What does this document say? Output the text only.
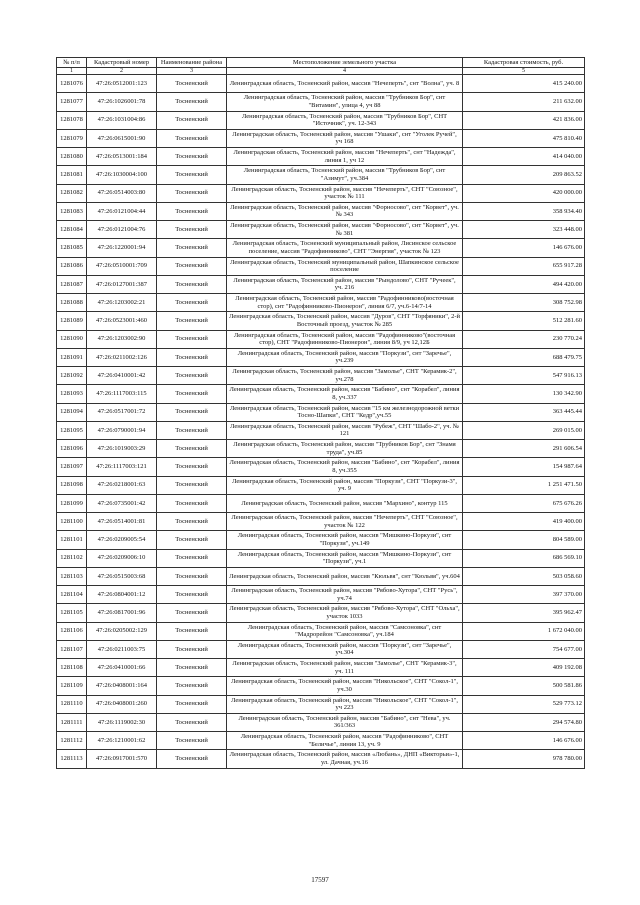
№ п/п	Кадастровый номер	Наименование района	Местоположение земельного участка	Кадастровая стоимость, руб.
1	2	3	4	5
1281076	47:26:0512001:123	Тосненский	Ленинградская область, Тосненский район, массив "Нечеперть", снт "Волна", уч. 8	415 240.00
1281077	47:26:1026001:78	Тосненский	Ленинградская область, Тосненский район, массив "Трубников Бор", снт "Витамин", улица 4, уч 88	211 632.00
1281078	47:26:1031004:86	Тосненский	Ленинградская область, Тосненский район, массив "Трубников Бор", СНТ "Источник", уч. 12-343	421 836.00
1281079	47:26:0615001:90	Тосненский	Ленинградская область, Тосненский район, массив "Ушаки", снт "Уголек Ручей", уч 168	475 810.40
1281080	47:26:0513001:184	Тосненский	Ленинградская область, Тосненский район, массив "Нечеперть", снт "Надежда", линия 1, уч 12	414 040.00
1281081	47:26:1030004:100	Тосненский	Ленинградская область, Тосненский район, массив "Трубников Бор", снт "Азимут", уч.384	209 863.52
1281082	47:26:0514003:80	Тосненский	Ленинградская область, Тосненский район, массив "Нечеперть", СНТ "Союзное", участок № 111	420 000.00
1281083	47:26:0121004:44	Тосненский	Ленинградская область, Тосненский район, массив "Форносово", снт "Корвет", уч. № 343	358 934.40
1281084	47:26:0121004:76	Тосненский	Ленинградская область, Тосненский район, массив "Форносово", снт "Корвет", уч. № 381	323 448.00
1281085	47:26:1220001:94	Тосненский	Ленинградская область, Тосненский муниципальный район, Лисинское сельское поселение, массив "Радофинниково", СНТ "Энергия", участок № 123	146 676.00
1281086	47:26:0510001:709	Тосненский	Ленинградская область, Тосненский муниципальный район, Шапкинское сельское поселение	655 917.28
1281087	47:26:0127001:387	Тосненский	Ленинградская область, Тосненский район, массив "Рындолово", СНТ "Ручеек", уч. 216	494 420.00
1281088	47:26:1203002:21	Тосненский	Ленинградская область, Тосненский район, массив "Радофинниково(восточная стор), снт "Радофинниково-Пионерон", линия 6/7, уч.6-14/7-14	308 752.98
1281089	47:26:0523001:460	Тосненский	Ленинградская область, Тосненский район, массив "Дуров", СНТ "Торфяники", 2-й Восточный проезд, участок № 285	512 281.60
1281090	47:26:1203002:90	Тосненский	Ленинградская область, Тосненский район, массив "Радофинниково"(восточная стор), СНТ "Радофинниково-Пионерон", линия 8/9, уч 12,12Б	230 770.24
1281091	47:26:0211002:126	Тосненский	Ленинградская область, Тосненский район, массив "Поркузи", снт "Заречье", уч.239	688 479.75
1281092	47:26:0410001:42	Тосненский	Ленинградская область, Тосненский район, массив "Замолье", СНТ "Керамик-2", уч.278	547 916.13
1281093	47:26:1117003:115	Тосненский	Ленинградская область, Тосненский район, массив "Бабино", снт "Корабел", линия 8, уч.337	130 342.90
1281094	47:26:0517001:72	Тосненский	Ленинградская область, Тосненский район, массив "15 км железнодорожной ветки Тосно-Шапки", СНТ "Кедр",уч.55	363 445.44
1281095	47:26:0790001:94	Тосненский	Ленинградская область, Тосненский район, массив "Рубеж", СНТ "Шабо-2", уч. № 121	269 015.00
1281096	47:26:1019003:29	Тосненский	Ленинградская область, Тосненский район, массив "Трубников Бор", снт "Знамя труда", уч.85	291 606.54
1281097	47:26:1117003:121	Тосненский	Ленинградская область, Тосненский район, массив "Бабино", снт "Корабел", линия 8, уч.355	154 987.64
1281098	47:26:0218001:63	Тосненский	Ленинградская область, Тосненский район, массив "Поркузи", СНТ "Поркузи-3", уч. 9	1 251 471.50
1281099	47:26:0735001:42	Тосненский	Ленинградская область, Тосненский район, массив "Мархино", контур 115	675 676.26
1281100	47:26:0514001:81	Тосненский	Ленинградская область, Тосненский район, массив "Нечеперть", СНТ "Союзное", участок № 122	419 400.00
1281101	47:26:0209005:54	Тосненский	Ленинградская область, Тосненский район, массив "Мишкино-Поркузи", снт "Поркузи", уч.149	804 589.00
1281102	47:26:0209006:10	Тосненский	Ленинградская область, Тосненский район, массив "Мишкино-Поркузи", снт "Поркузи", уч.1	686 569.10
1281103	47:26:0515003:68	Тосненский	Ленинградская область, Тосненский район, массив "Кюльвя", снт "Кюльвя", уч.604	503 058.60
1281104	47:26:0804001:12	Тосненский	Ленинградская область, Тосненский район, массив "Рябово-Хутора", СНТ "Русь", уч.74	397 370.00
1281105	47:26:0817001:96	Тосненский	Ленинградская область, Тосненский район, массив "Рябово-Хутора", СНТ "Ольха", участок 1033	395 962.47
1281106	47:26:0205002:129	Тосненский	Ленинградская область, Тосненский район, массив "Самсоновка", снт "Мадрорейон "Самсоновка", уч.184	1 672 040.00
1281107	47:26:0211003:75	Тосненский	Ленинградская область, Тосненский район, массив "Поркузи", снт "Заречье", уч.304	754 677.00
1281108	47:26:0410001:66	Тосненский	Ленинградская область, Тосненский район, массив "Замолье", СНТ "Керамик-3", уч. 111	409 192.08
1281109	47:26:0408001:164	Тосненский	Ленинградская область, Тосненский район, массив "Никольское", СНТ "Сокол-1", уч.30	500 581.86
1281110	47:26:0408001:260	Тосненский	Ленинградская область, Тосненский район, массив "Никольское", СНТ "Сокол-1", уч 223	529 773.12
1281111	47:26:1119002:30	Тосненский	Ленинградская область, Тосненский район, массив "Бабино", снт "Нева", уч. 361/363	294 574.80
1281112	47:26:1210001:62	Тосненский	Ленинградская область, Тосненский район, массив "Радофинниково", СНТ "Беличье", линия 13, уч. 9	146 676.00
1281113	47:26:0917001:570	Тосненский	Ленинградская область, Тосненский район, массив «Любань», ДНП «Викторьи»-1, ул. Дачная, уч.16	978 780.00
17597
